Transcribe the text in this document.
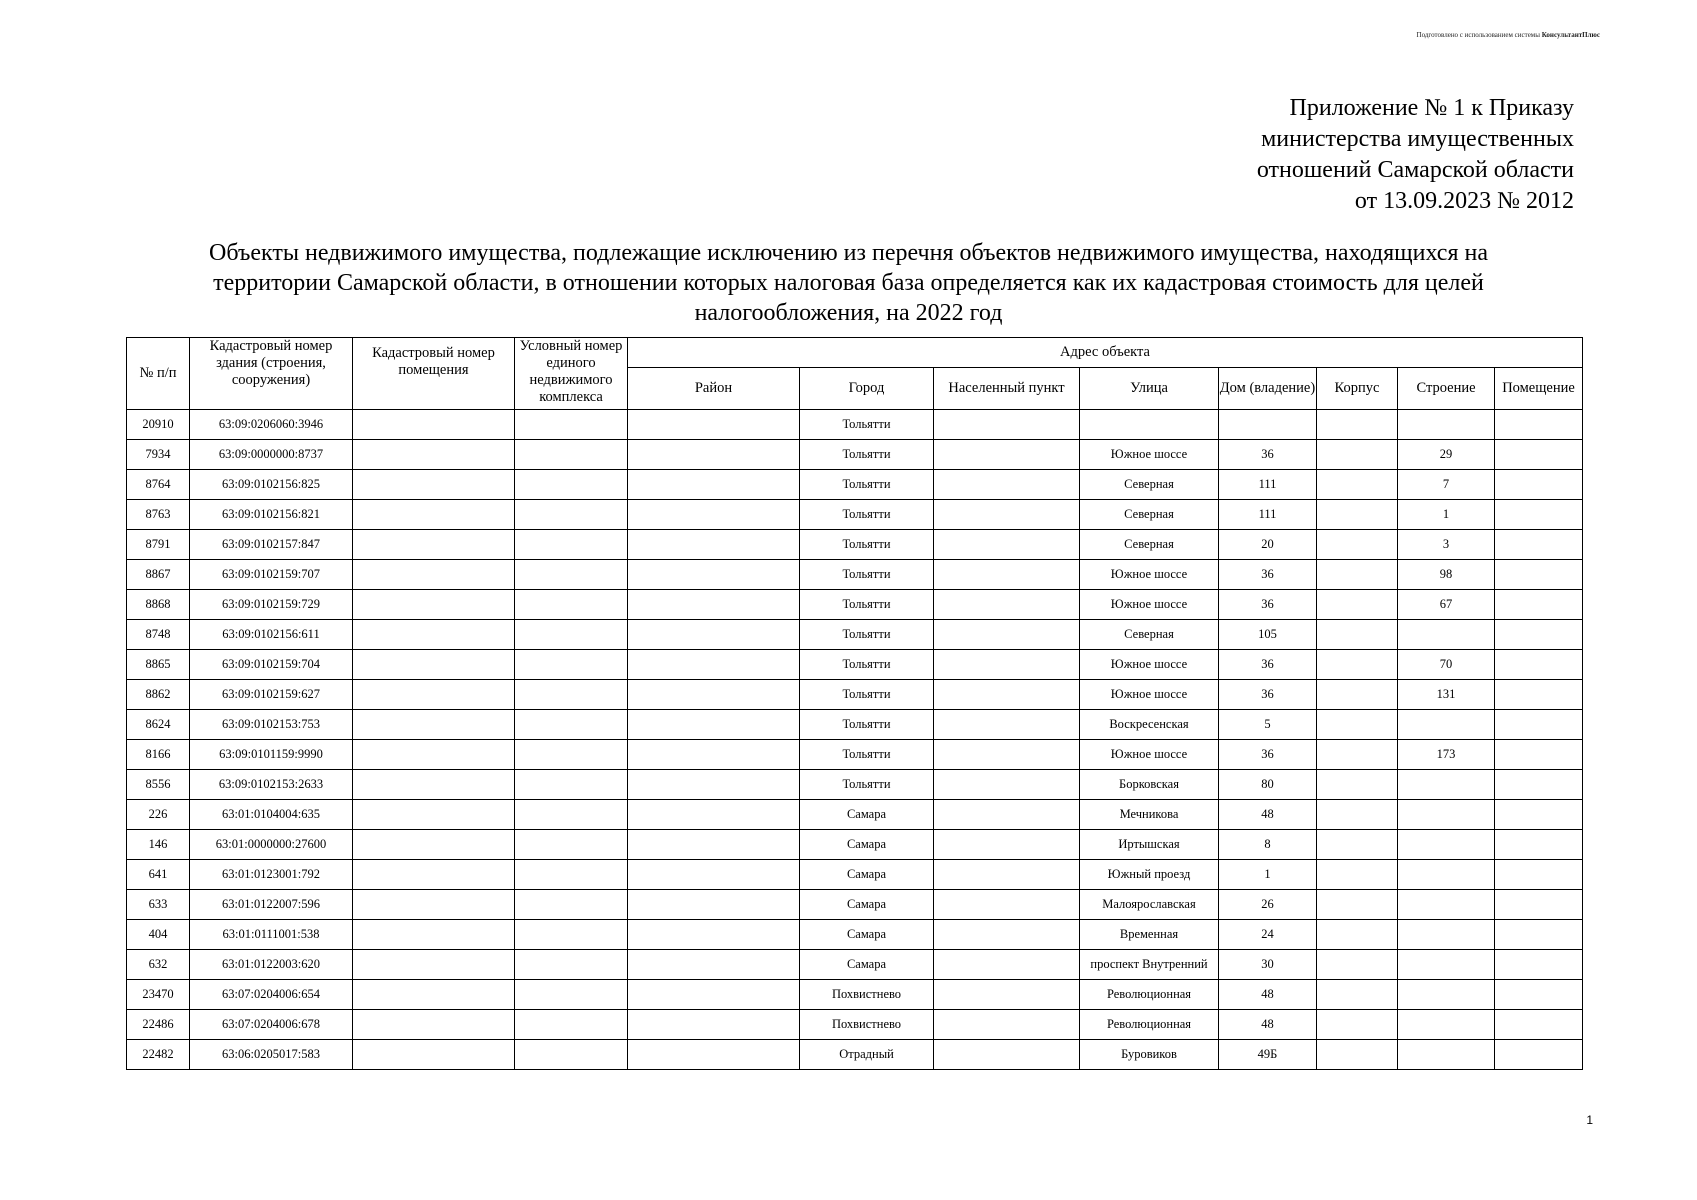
Подготовлено с использованием системы КонсультантПлюс
Приложение № 1 к Приказу
министерства имущественных
отношений Самарской области
от 13.09.2023 № 2012
Объекты недвижимого имущества, подлежащие исключению из перечня объектов недвижимого имущества, находящихся на
территории Самарской области, в отношении которых налоговая база определяется как их кадастровая стоимость для целей
налогообложения, на 2022 год
№ п/п	Кадастровый номер здания (строения, сооружения)	Кадастровый номер помещения	Условный номер единого недвижимого комплекса	Адрес объекта							
				Район	Город	Населенный пункт	Улица	Дом (владение)	Корпус	Строение	Помещение
20910	63:09:0206060:3946				Тольятти						
7934	63:09:0000000:8737				Тольятти		Южное шоссе	36		29	
8764	63:09:0102156:825				Тольятти		Северная	111		7	
8763	63:09:0102156:821				Тольятти		Северная	111		1	
8791	63:09:0102157:847				Тольятти		Северная	20		3	
8867	63:09:0102159:707				Тольятти		Южное шоссе	36		98	
8868	63:09:0102159:729				Тольятти		Южное шоссе	36		67	
8748	63:09:0102156:611				Тольятти		Северная	105			
8865	63:09:0102159:704				Тольятти		Южное шоссе	36		70	
8862	63:09:0102159:627				Тольятти		Южное шоссе	36		131	
8624	63:09:0102153:753				Тольятти		Воскресенская	5			
8166	63:09:0101159:9990				Тольятти		Южное шоссе	36		173	
8556	63:09:0102153:2633				Тольятти		Борковская	80			
226	63:01:0104004:635				Самара		Мечникова	48			
146	63:01:0000000:27600				Самара		Иртышская	8			
641	63:01:0123001:792				Самара		Южный проезд	1			
633	63:01:0122007:596				Самара		Малоярославская	26			
404	63:01:0111001:538				Самара		Временная	24			
632	63:01:0122003:620				Самара		проспект Внутренний	30			
23470	63:07:0204006:654				Похвистнево		Революционная	48			
22486	63:07:0204006:678				Похвистнево		Революционная	48			
22482	63:06:0205017:583				Отрадный		Буровиков	49Б			
1
